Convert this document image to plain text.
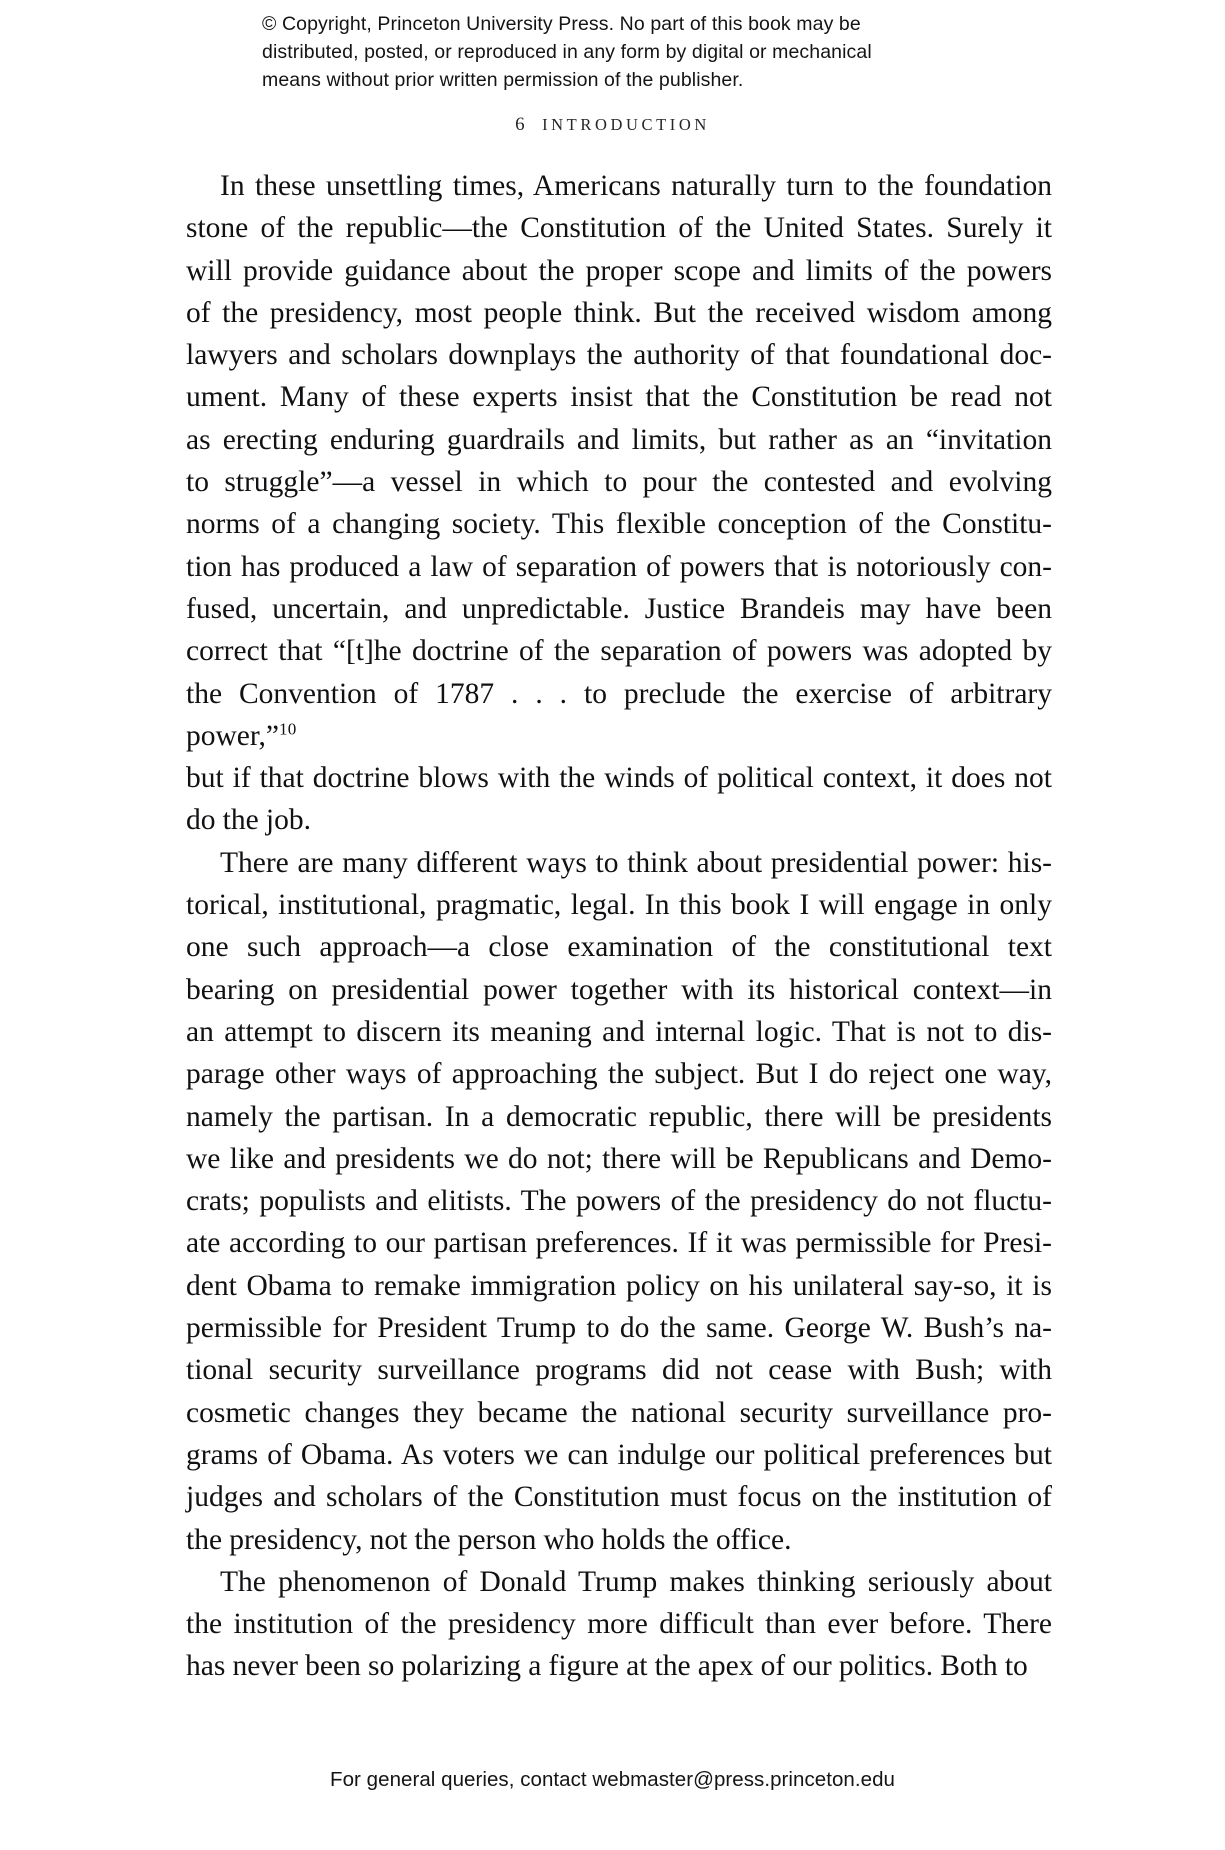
© Copyright, Princeton University Press. No part of this book may be
distributed, posted, or reproduced in any form by digital or mechanical
means without prior written permission of the publisher.
6 INTRODUCTION

In these unsettling times, Americans naturally turn to the foundation
stone of the republic—the Constitution of the United States. Surely it
will provide guidance about the proper scope and limits of the powers
of the presidency, most people think. But the received wisdom among
lawyers and scholars downplays the authority of that foundational doc-
ument. Many of these experts insist that the Constitution be read not
as erecting enduring guardrails and limits, but rather as an “invitation
to struggle”—a vessel in which to pour the contested and evolving
norms of a changing society. This flexible conception of the Constitu-
tion has produced a law of separation of powers that is notoriously con-
fused, uncertain, and unpredictable. Justice Brandeis may have been
correct that “[t]he doctrine of the separation of powers was adopted by
the Convention of 1787 . . . to preclude the exercise of arbitrary power,”$^{10}$
but if that doctrine blows with the winds of political context, it does not
do the job.

There are many different ways to think about presidential power: his-
torical, institutional, pragmatic, legal. In this book I will engage in only
one such approach—a close examination of the constitutional text
bearing on presidential power together with its historical context—in
an attempt to discern its meaning and internal logic. That is not to dis-
parage other ways of approaching the subject. But I do reject one way,
namely the partisan. In a democratic republic, there will be presidents
we like and presidents we do not; there will be Republicans and Demo-
crats; populists and elitists. The powers of the presidency do not fluctu-
ate according to our partisan preferences. If it was permissible for Presi-
dent Obama to remake immigration policy on his unilateral say-so, it is
permissible for President Trump to do the same. George W. Bush’s na-
tional security surveillance programs did not cease with Bush; with
cosmetic changes they became the national security surveillance pro-
grams of Obama. As voters we can indulge our political preferences but
judges and scholars of the Constitution must focus on the institution of
the presidency, not the person who holds the office.

The phenomenon of Donald Trump makes thinking seriously about
the institution of the presidency more difficult than ever before. There
has never been so polarizing a figure at the apex of our politics. Both to

For general queries, contact webmaster@press.princeton.edu
